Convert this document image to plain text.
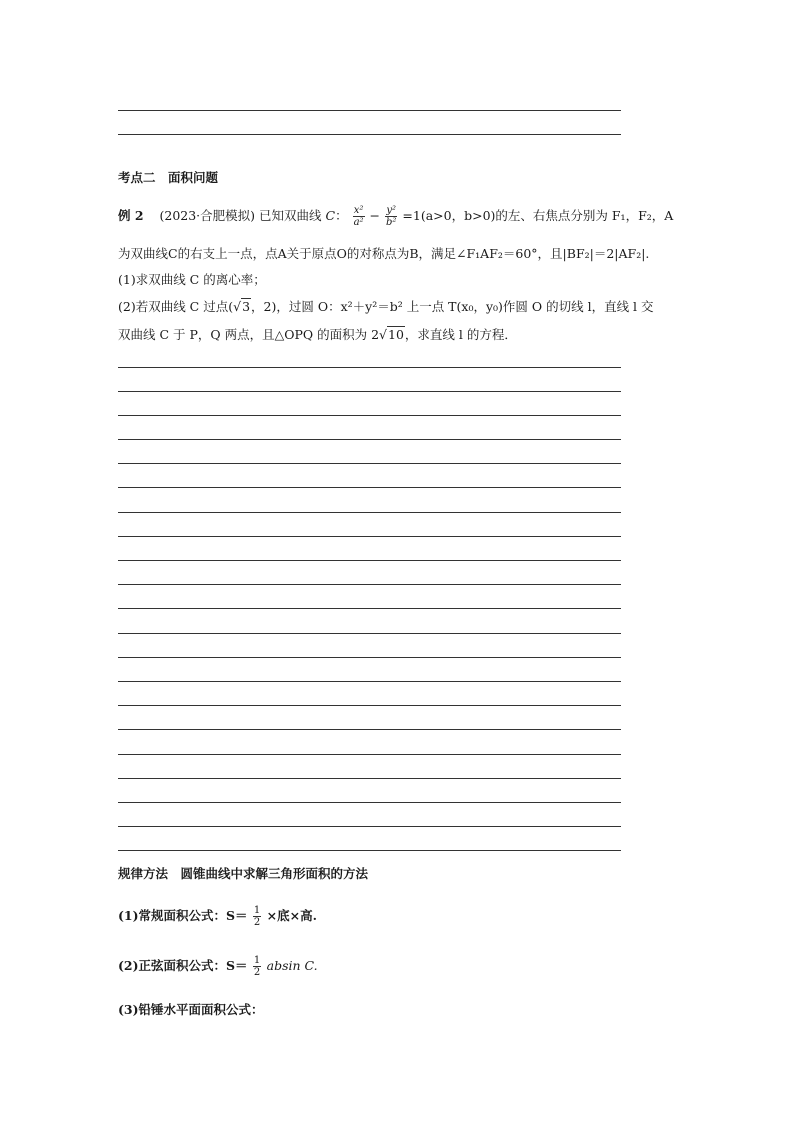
考点二　面积问题
例 2 (2023·合肥模拟) 已知双曲线 C： $\frac{\text{x²}}{\text{a²}} - \frac{\text{y²}}{\text{b²}} =1(a>0$，b>0)的左、右焦点分别为 F₁，F₂，A
为双曲线C的右支上一点，点A关于原点O的对称点为B，满足∠F₁AF₂＝60°，且|BF₂|＝2|AF₂|.
(1)求双曲线 C 的离心率；
(2)若双曲线 C 过点(√3，2)，过圆 O：x²＋y²＝b² 上一点 T(x₀，y₀)作圆 O 的切线 l，直线 l 交
双曲线 C 于 P，Q 两点，且△OPQ 的面积为 2√10，求直线 l 的方程．
规律方法　圆锥曲线中求解三角形面积的方法
(1)常规面积公式：$S= \frac{1}{2}$ ×底×高.
(2)正弦面积公式：$S= \frac{1}{2}$ absin C.
(3)铅锤水平面面积公式：
